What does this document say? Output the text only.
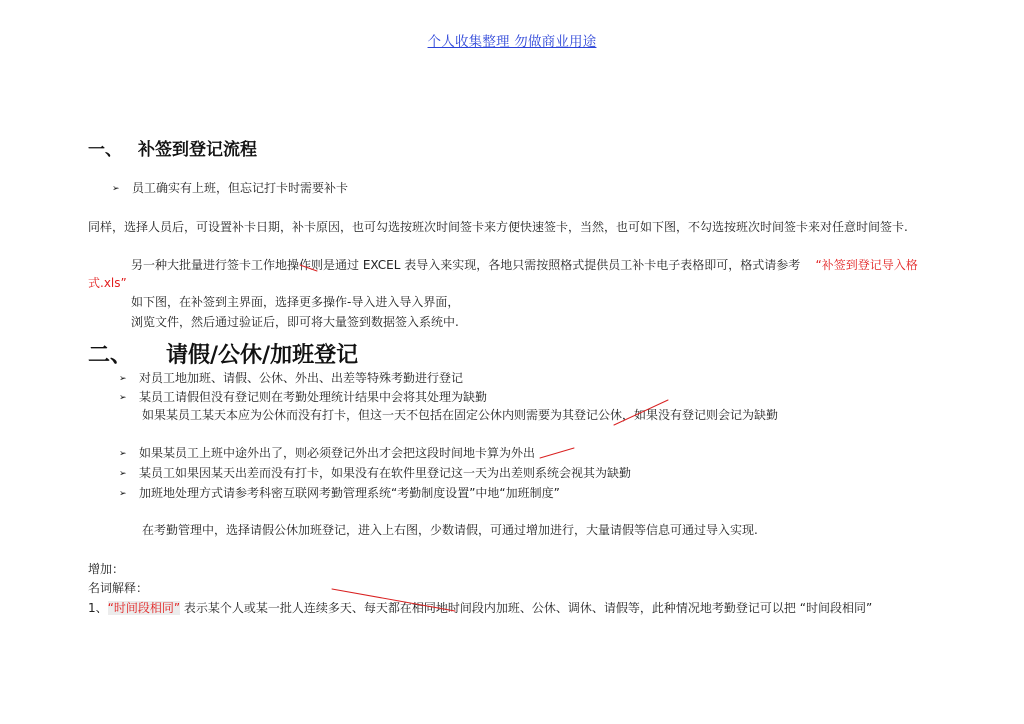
个人收集整理 勿做商业用途
一、 补签到登记流程
➢ 员工确实有上班，但忘记打卡时需要补卡
同样，选择人员后，可设置补卡日期，补卡原因，也可勾选按班次时间签卡来方便快速签卡，当然，也可如下图，不勾选按班次时间签卡来对任意时间签卡.
另一种大批量进行签卡工作地操作则是通过 EXCEL 表导入来实现，各地只需按照格式提供员工补卡电子表格即可，格式请参考 “补签到登记导入格式.xls”
如下图，在补签到主界面，选择更多操作-导入进入导入界面，
浏览文件，然后通过验证后，即可将大量签到数据签入系统中.
二、 请假/公休/加班登记
➢ 对员工地加班、请假、公休、外出、出差等特殊考勤进行登记
➢ 某员工请假但没有登记则在考勤处理统计结果中会将其处理为缺勤
如果某员工某天本应为公休而没有打卡，但这一天不包括在固定公休内则需要为其登记公休，如果没有登记则会记为缺勤
➢ 如果某员工上班中途外出了，则必须登记外出才会把这段时间地卡算为外出
➢ 某员工如果因某天出差而没有打卡，如果没有在软件里登记这一天为出差则系统会视其为缺勤
➢ 加班地处理方式请参考科密互联网考勤管理系统“考勤制度设置”中地“加班制度”
在考勤管理中，选择请假公休加班登记，进入上右图，少数请假，可通过增加进行，大量请假等信息可通过导入实现.
增加：
名词解释：
1、“时间段相同” 表示某个人或某一批人连续多天、每天都在相同地时间段内加班、公休、调休、请假等，此种情况地考勤登记可以把 “时间段相同”
